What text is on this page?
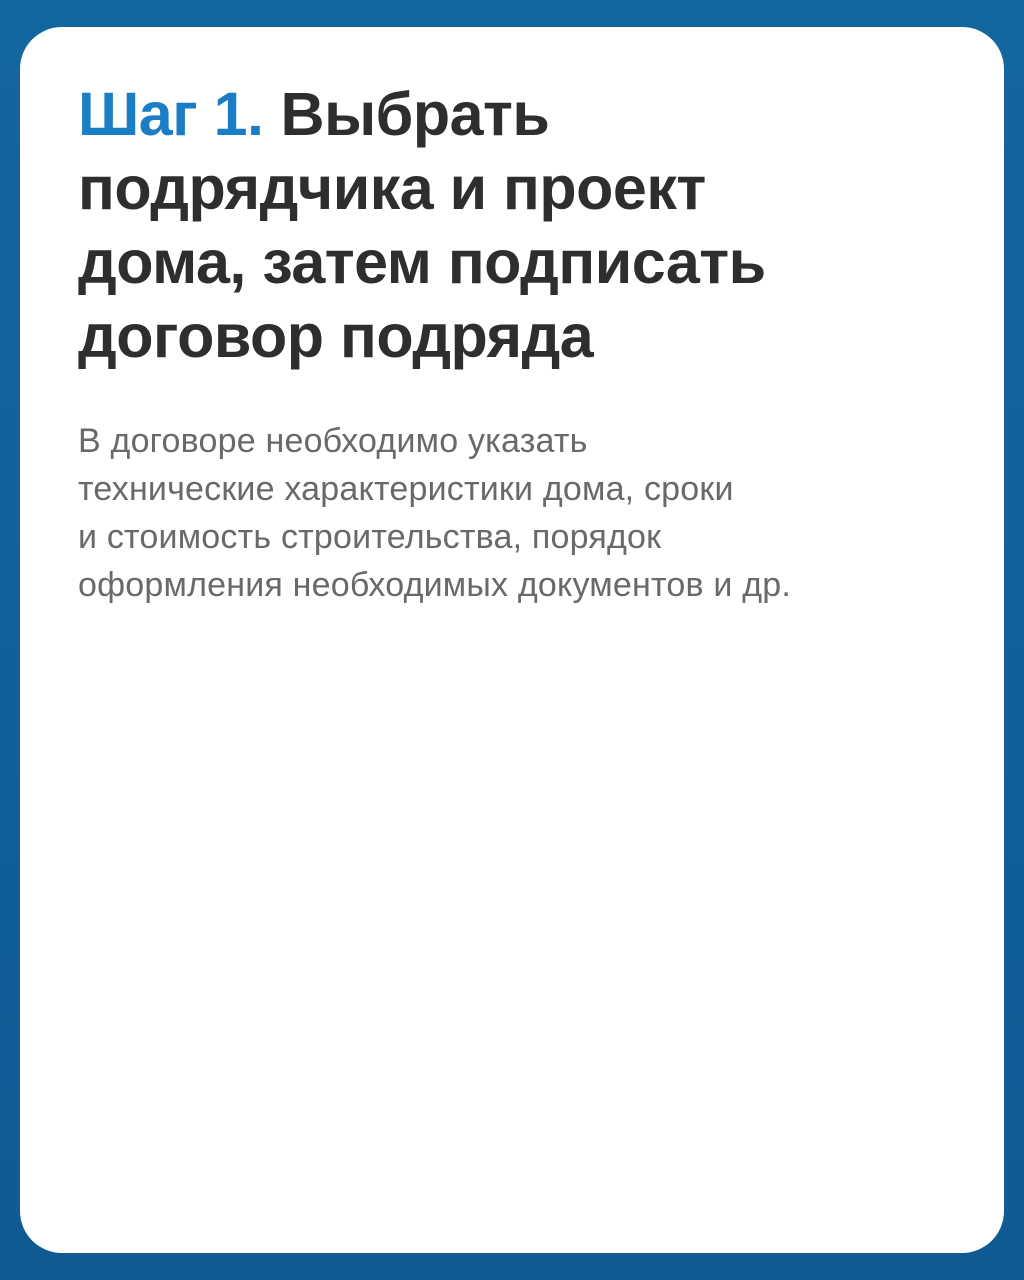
Шаг 1. Выбрать
подрядчика и проект
дома, затем подписать
договор подряда

В договоре необходимо указать
технические характеристики дома, сроки
и стоимость строительства, порядок
оформления необходимых документов и др.
